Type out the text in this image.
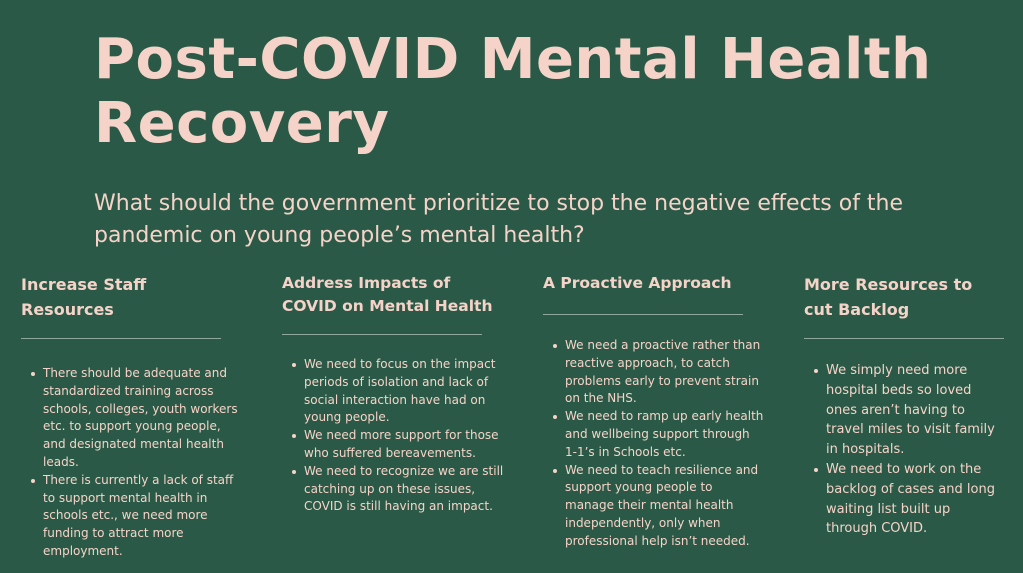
Post-COVID Mental Health Recovery

What should the government prioritize to stop the negative effects of the pandemic on young people’s mental health?

Increase Staff Resources
There should be adequate and standardized training across schools, colleges, youth workers etc. to support young people, and designated mental health leads.
There is currently a lack of staff to support mental health in schools etc., we need more funding to attract more employment.
Address Impacts of COVID on Mental Health
We need to focus on the impact periods of isolation and lack of social interaction have had on young people.
We need more support for those who suffered bereavements.
We need to recognize we are still catching up on these issues, COVID is still having an impact.
A Proactive Approach
We need a proactive rather than reactive approach, to catch problems early to prevent strain on the NHS.
We need to ramp up early health and wellbeing support through 1-1’s in Schools etc.
We need to teach resilience and support young people to manage their mental health independently, only when professional help isn’t needed.
More Resources to cut Backlog
We simply need more hospital beds so loved ones aren’t having to travel miles to visit family in hospitals.
We need to work on the backlog of cases and long waiting list built up through COVID.
